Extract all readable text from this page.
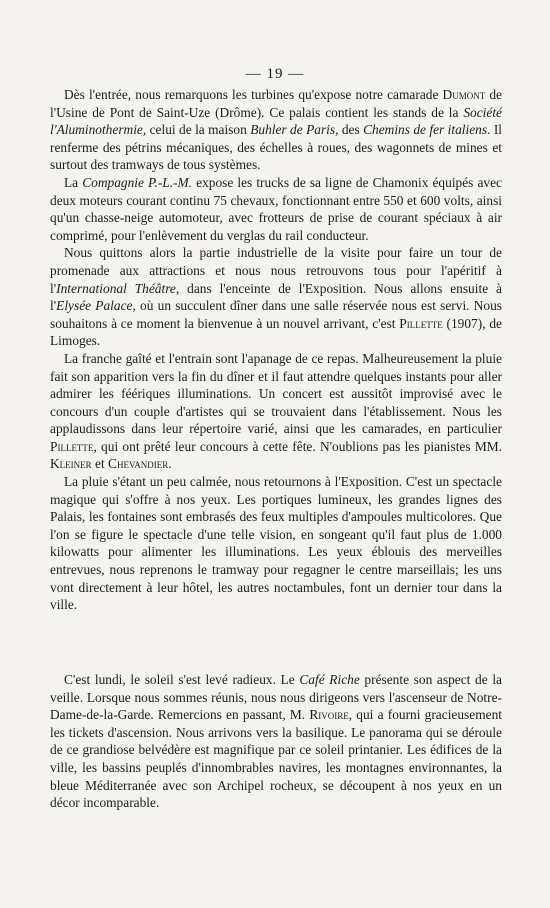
— 19 —

Dès l'entrée, nous remarquons les turbines qu'expose notre camarade Dumont de l'Usine de Pont de Saint-Uze (Drôme). Ce palais contient les stands de la Société l'Aluminothermie, celui de la maison Buhler de Paris, des Chemins de fer italiens. Il renferme des pétrins mécaniques, des échelles à roues, des wagonnets de mines et surtout des tramways de tous systèmes.

La Compagnie P.-L.-M. expose les trucks de sa ligne de Chamonix équipés avec deux moteurs courant continu 75 chevaux, fonctionnant entre 550 et 600 volts, ainsi qu'un chasse-neige automoteur, avec frotteurs de prise de courant spéciaux à air comprimé, pour l'enlèvement du verglas du rail conducteur.

Nous quittons alors la partie industrielle de la visite pour faire un tour de promenade aux attractions et nous nous retrouvons tous pour l'apéritif à l'International Théâtre, dans l'enceinte de l'Exposition. Nous allons ensuite à l'Elysée Palace, où un succulent dîner dans une salle réservée nous est servi. Nous souhaitons à ce moment la bienvenue à un nouvel arrivant, c'est Pillette (1907), de Limoges.

La franche gaîté et l'entrain sont l'apanage de ce repas. Malheureusement la pluie fait son apparition vers la fin du dîner et il faut attendre quelques instants pour aller admirer les féériques illuminations. Un concert est aussitôt improvisé avec le concours d'un couple d'artistes qui se trouvaient dans l'établissement. Nous les applaudissons dans leur répertoire varié, ainsi que les camarades, en particulier Pillette, qui ont prêté leur concours à cette fête. N'oublions pas les pianistes MM. Kleiner et Chevandier.

La pluie s'étant un peu calmée, nous retournons à l'Exposition. C'est un spectacle magique qui s'offre à nos yeux. Les portiques lumineux, les grandes lignes des Palais, les fontaines sont embrasés des feux multiples d'ampoules multicolores. Que l'on se figure le spectacle d'une telle vision, en songeant qu'il faut plus de 1.000 kilowatts pour alimenter les illuminations. Les yeux éblouis des merveilles entrevues, nous reprenons le tramway pour regagner le centre marseillais; les uns vont directement à leur hôtel, les autres noctambules, font un dernier tour dans la ville.

C'est lundi, le soleil s'est levé radieux. Le Café Riche présente son aspect de la veille. Lorsque nous sommes réunis, nous nous dirigeons vers l'ascenseur de Notre-Dame-de-la-Garde. Remercions en passant, M. Rivoire, qui a fourni gracieusement les tickets d'ascension. Nous arrivons vers la basilique. Le panorama qui se déroule de ce grandiose belvédère est magnifique par ce soleil printanier. Les édifices de la ville, les bassins peuplés d'innombrables navires, les montagnes environnantes, la bleue Méditerranée avec son Archipel rocheux, se découpent à nos yeux en un décor incomparable.
